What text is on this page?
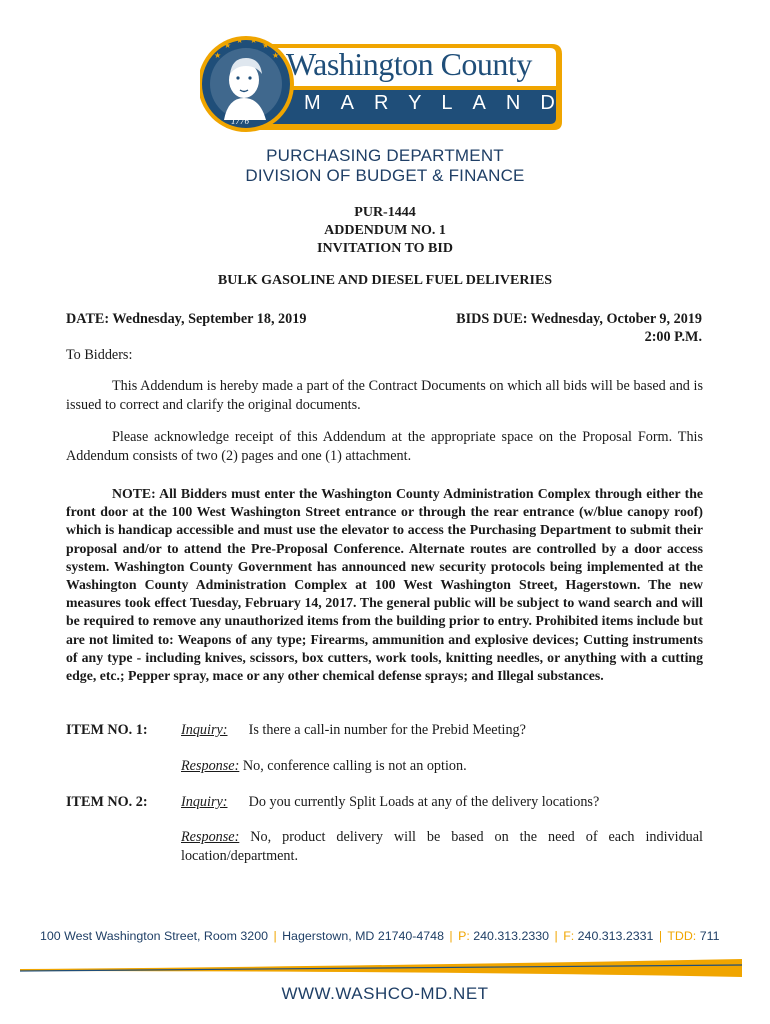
★
★
★ ★
★
★ Washington County
MARYLAND
est.
1776
PURCHASING DEPARTMENT
DIVISION OF BUDGET & FINANCE
PUR-1444
ADDENDUM NO. 1
INVITATION TO BID
BULK GASOLINE AND DIESEL FUEL DELIVERIES
DATE: Wednesday, September 18, 2019	BIDS DUE: Wednesday, October 9, 2019
2:00 P.M.
To Bidders:
This Addendum is hereby made a part of the Contract Documents on which all bids will be based and is issued to correct and clarify the original documents.
Please acknowledge receipt of this Addendum at the appropriate space on the Proposal Form. This Addendum consists of two (2) pages and one (1) attachment.
NOTE: All Bidders must enter the Washington County Administration Complex through either the front door at the 100 West Washington Street entrance or through the rear entrance (w/blue canopy roof) which is handicap accessible and must use the elevator to access the Purchasing Department to submit their proposal and/or to attend the Pre-Proposal Conference. Alternate routes are controlled by a door access system. Washington County Government has announced new security protocols being implemented at the Washington County Administration Complex at 100 West Washington Street, Hagerstown. The new measures took effect Tuesday, February 14, 2017. The general public will be subject to wand search and will be required to remove any unauthorized items from the building prior to entry. Prohibited items include but are not limited to: Weapons of any type; Firearms, ammunition and explosive devices; Cutting instruments of any type - including knives, scissors, box cutters, work tools, knitting needles, or anything with a cutting edge, etc.; Pepper spray, mace or any other chemical defense sprays; and Illegal substances.
ITEM NO. 1: Inquiry: Is there a call-in number for the Prebid Meeting?
Response: No, conference calling is not an option.
ITEM NO. 2: Inquiry: Do you currently Split Loads at any of the delivery locations?
Response: No, product delivery will be based on the need of each individual location/department.
100 West Washington Street, Room 3200 | Hagerstown, MD 21740-4748 | P: 240.313.2330 | F: 240.313.2331 | TDD: 711
WWW.WASHCO-MD.NET
